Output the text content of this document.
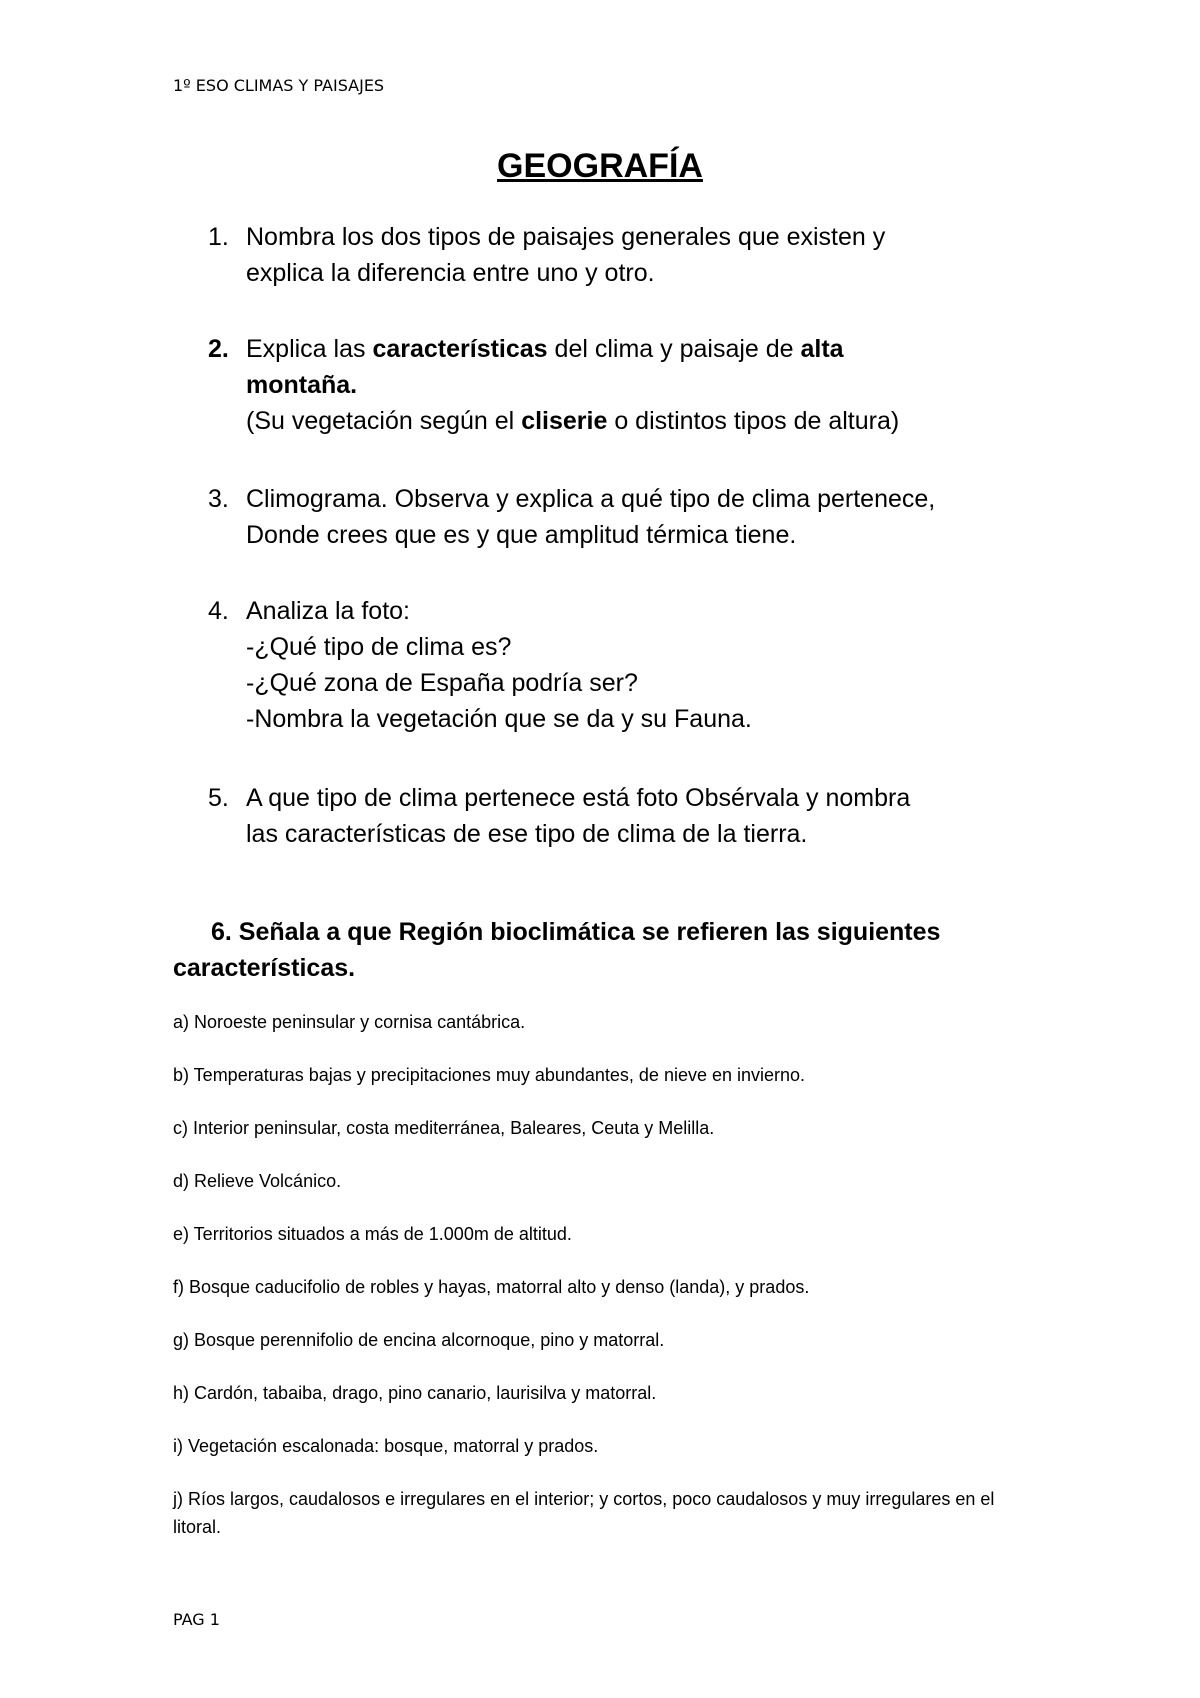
1º ESO CLIMAS Y PAISAJES
GEOGRAFÍA
1. Nombra los dos tipos de paisajes generales que existen y
explica la diferencia entre uno y otro.
2. Explica las características del clima y paisaje de alta
montaña.
(Su vegetación según el cliserie o distintos tipos de altura)
3. Climograma. Observa y explica a qué tipo de clima pertenece,
Donde crees que es y que amplitud térmica tiene.
4. Analiza la foto:
-¿Qué tipo de clima es?
-¿Qué zona de España podría ser?
-Nombra la vegetación que se da y su Fauna.
5. A que tipo de clima pertenece está foto Obsérvala y nombra
las características de ese tipo de clima de la tierra.
6. Señala a que Región bioclimática se refieren las siguientes
características.
a) Noroeste peninsular y cornisa cantábrica.
b) Temperaturas bajas y precipitaciones muy abundantes, de nieve en invierno.
c) Interior peninsular, costa mediterránea, Baleares, Ceuta y Melilla.
d) Relieve Volcánico.
e) Territorios situados a más de 1.000m de altitud.
f) Bosque caducifolio de robles y hayas, matorral alto y denso (landa), y prados.
g) Bosque perennifolio de encina alcornoque, pino y matorral.
h) Cardón, tabaiba, drago, pino canario, laurisilva y matorral.
i) Vegetación escalonada: bosque, matorral y prados.
j) Ríos largos, caudalosos e irregulares en el interior; y cortos, poco caudalosos y muy irregulares en el litoral.
PAG 1
